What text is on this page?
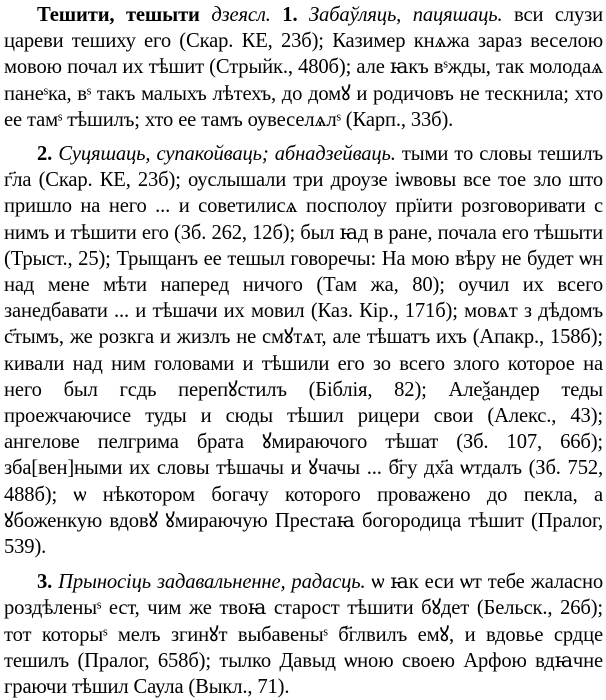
Тешити, тешыти дзеясл. 1. Забаўляць, пацяшаць. вси слузи цареви тешиху его (Скар. КЕ, 23б); Казимер кнѧжа зараз веселою мовою почал их тѣшит (Стрыйк., 480б); але ꙗкъ вˢжды, так молодаѧ панеˢка, вˢ такъ малыхъ лѣтехъ, до домꙋ и родичовъ не тескнила; хто ее тамˢ тѣшилъ; хто ее тамъ оувеселѧлˢ (Карп., 33б).

2. Суцяшаць, супакойваць; абнадзейваць. тыми то словы тешилъ г҃ла (Скар. КЕ, 23б); оуслышали три дроузе іѡвовы все тое зло што пришло на него ... и советилисѧ посполоу прïити розговоривати с нимъ и тѣшити его (Зб. 262, 12б); был ꙗд в ране, почала его тѣшыти (Трыст., 25); Трыщанъ ее тешыл говоречы: На мою вѣру не будет ѡн над мене мѣти наперед ничого (Там жа, 80); оучил их всего занедбавати ... и тѣшачи их мовил (Каз. Кір., 171б); мовѧт з дѣдомъ с҃тымъ, же розкга и жизлъ не смꙋтѧт, але тѣшатъ ихъ (Апакр., 158б); кивали над ним головами и тѣшили его зо всего злого которое на него был гсдь перепꙋстилъ (Біблія, 82); Алеѯандер теды проежчаючисе туды и сюды тѣшил рицери свои (Алекс., 43); ангелове пелгрима брата ꙋмираючого тѣшат (Зб. 107, 66б); зба[вен]ными их словы тѣшачы и ꙋчачы ... б҃гу дх҃а ѡтдалъ (Зб. 752, 488б); ѡ нѣкотором богачу которого проважено до пекла, а ꙋбоженкую вдовꙋ ꙋмираючую Престаꙗ богородица тѣшит (Пралог, 539).

3. Прыносіць задавальненне, радасць. ѡ ꙗк еси ѡт тебе жаласно роздѣленыˢ ест, чим же твоꙗ старост тѣшити бꙋдет (Бельск., 26б); тот которыˢ мелъ згинꙋт выбавеныˢ б҃глвилъ емꙋ, и вдовье срдце тешилъ (Пралог, 658б); тылко Давыд ѡною своею Арфою вдꙗчне граючи тѣшил Саула (Выкл., 71).
